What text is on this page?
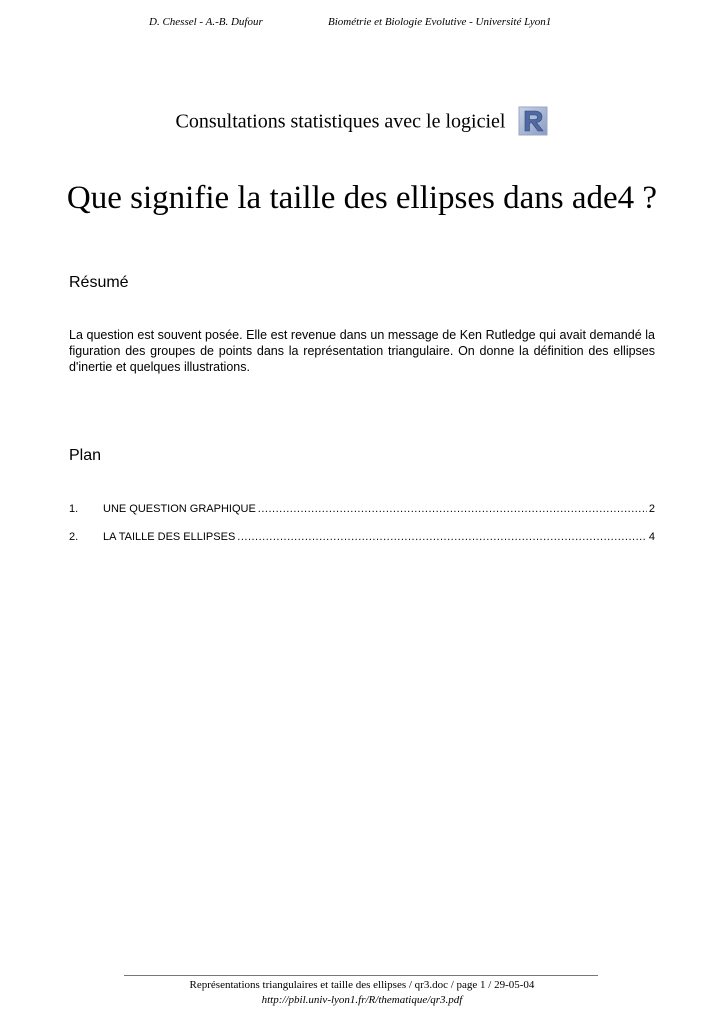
D. Chessel - A.-B. Dufour	Biométrie et Biologie Evolutive - Université Lyon1
Consultations statistiques avec le logiciel
Que signifie la taille des ellipses dans ade4 ?
Résumé

La question est souvent posée. Elle est revenue dans un message de Ken Rutledge qui avait demandé la figuration des groupes de points dans la représentation triangulaire. On donne la définition des ellipses d'inertie et quelques illustrations.

Plan
1.	UNE QUESTION GRAPHIQUE .....	2
2.	LA TAILLE DES ELLIPSES .....	4
Représentations triangulaires et taille des ellipses / qr3.doc / page 1 / 29-05-04
http://pbil.univ-lyon1.fr/R/thematique/qr3.pdf
